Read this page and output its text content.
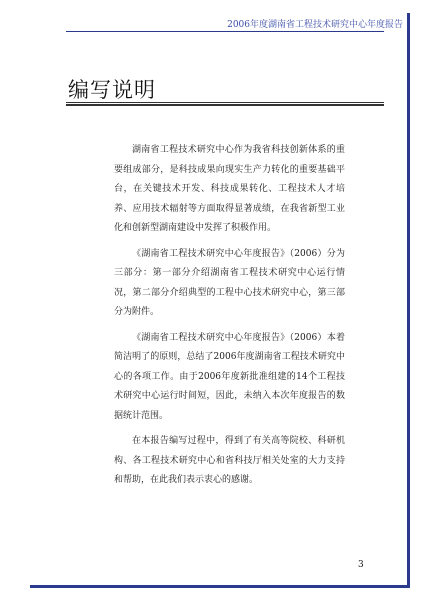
2006年度湖南省工程技术研究中心年度报告
编写说明

湖南省工程技术研究中心作为我省科技创新体系的重要组成部分，是科技成果向现实生产力转化的重要基础平台，在关键技术开发、科技成果转化、工程技术人才培养、应用技术辐射等方面取得显著成绩，在我省新型工业化和创新型湖南建设中发挥了积极作用。

《湖南省工程技术研究中心年度报告》（2006）分为三部分：第一部分介绍湖南省工程技术研究中心运行情况，第二部分介绍典型的工程中心技术研究中心，第三部分为附件。

《湖南省工程技术研究中心年度报告》（2006）本着简洁明了的原则，总结了2006年度湖南省工程技术研究中心的各项工作。由于2006年度新批准组建的14个工程技术研究中心运行时间短，因此，未纳入本次年度报告的数据统计范围。

在本报告编写过程中，得到了有关高等院校、科研机构、各工程技术研究中心和省科技厅相关处室的大力支持和帮助，在此我们表示衷心的感谢。

3
